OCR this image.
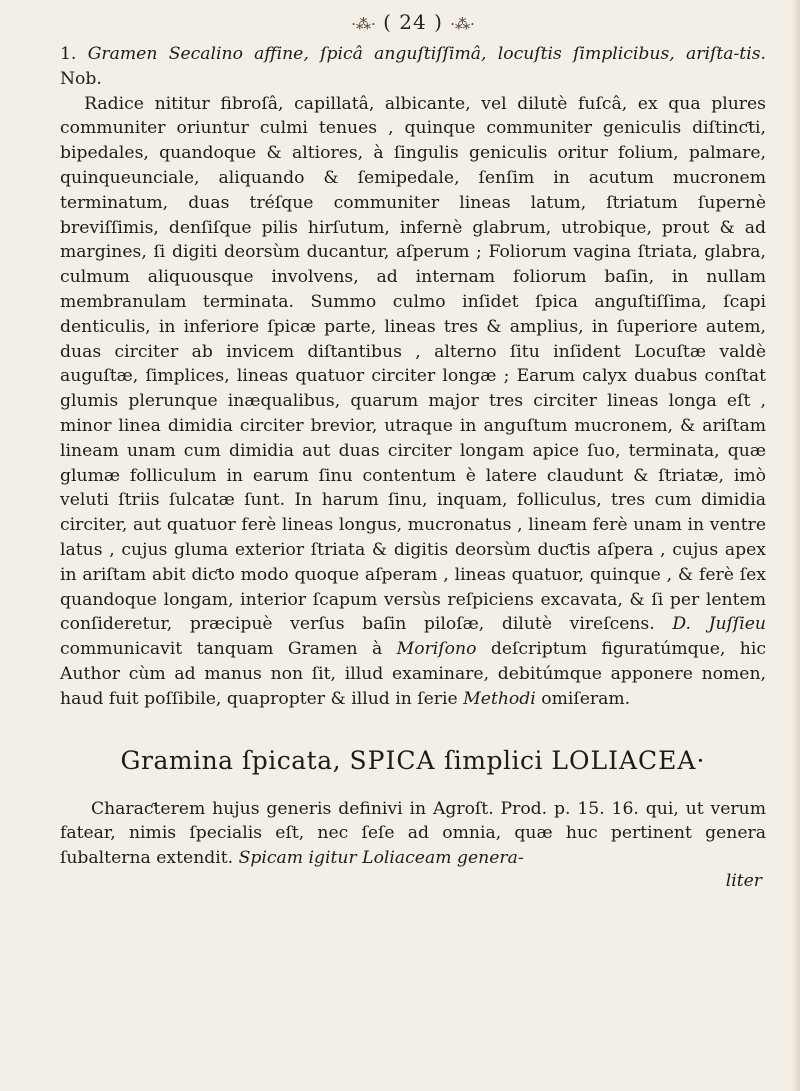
·⁂· ( 24 ) ·⁂·

1. Gramen Secalino affine, ſpicâ anguſtiſſimâ, locuſtis ſimplicibus, ariſta-tis. Nob.

Radice nititur fibroſâ, capillatâ, albicante, vel dilutè fuſcâ, ex qua plures communiter oriuntur culmi tenues , quinque communiter geniculis diſtinƈti, bipedales, quandoque & altiores, à ſingulis geniculis oritur folium, palmare, quinqueunciale, aliquando & ſemipedale, ſenſim in acutum mucronem terminatum, duas tréſque communiter lineas latum, ſtriatum ſupernè breviſſimis, denſiſque pilis hirſutum, infernè glabrum, utrobique, prout & ad margines, ſi digiti deorsùm ducantur, aſperum ; Foliorum vagina ſtriata, glabra, culmum aliquousque involvens, ad internam foliorum baſin, in nullam membranulam terminata. Summo culmo inſidet ſpica anguſtiſſima, ſcapi denticulis, in inferiore ſpicæ parte, lineas tres & amplius, in ſuperiore autem, duas circiter ab invicem diſtantibus , alterno ſitu inſident Locuſtæ valdè auguſtæ, ſimplices, lineas quatuor circiter longæ ; Earum calyx duabus conſtat glumis plerunque inæqualibus, quarum major tres circiter lineas longa eſt , minor linea dimidia circiter brevior, utraque in anguſtum mucronem, & ariſtam lineam unam cum dimidia aut duas circiter longam apice ſuo, terminata, quæ glumæ folliculum in earum ſinu contentum è latere claudunt & ſtriatæ, imò veluti ſtriis ſulcatæ ſunt. In harum ſinu, inquam, folliculus, tres cum dimidia circiter, aut quatuor ferè lineas longus, mucronatus , lineam ferè unam in ventre latus , cujus gluma exterior ſtriata & digitis deorsùm duƈtis aſpera , cujus apex in ariſtam abit diƈto modo quoque aſperam , lineas quatuor, quinque , & ferè ſex quandoque longam, interior ſcapum versùs reſpiciens excavata, & ſi per lentem conſideretur, præcipuè verſus baſin piloſæ, dilutè vireſcens. D. Juſſieu communicavit tanquam Gramen à Moriſono deſcriptum figuratúmque, hic Author cùm ad manus non ſit, illud examinare, debitúmque apponere nomen, haud fuit poſſibile, quapropter & illud in ſerie Methodi omiſeram.

Gramina ſpicata, SPICA ſimplici LOLIACEA·

Charaƈterem hujus generis definivi in Agroſt. Prod. p. 15. 16. qui, ut verum fatear, nimis ſpecialis eſt, nec ſeſe ad omnia, quæ huc pertinent genera ſubalterna extendit. Spicam igitur Loliaceam genera-

liter
